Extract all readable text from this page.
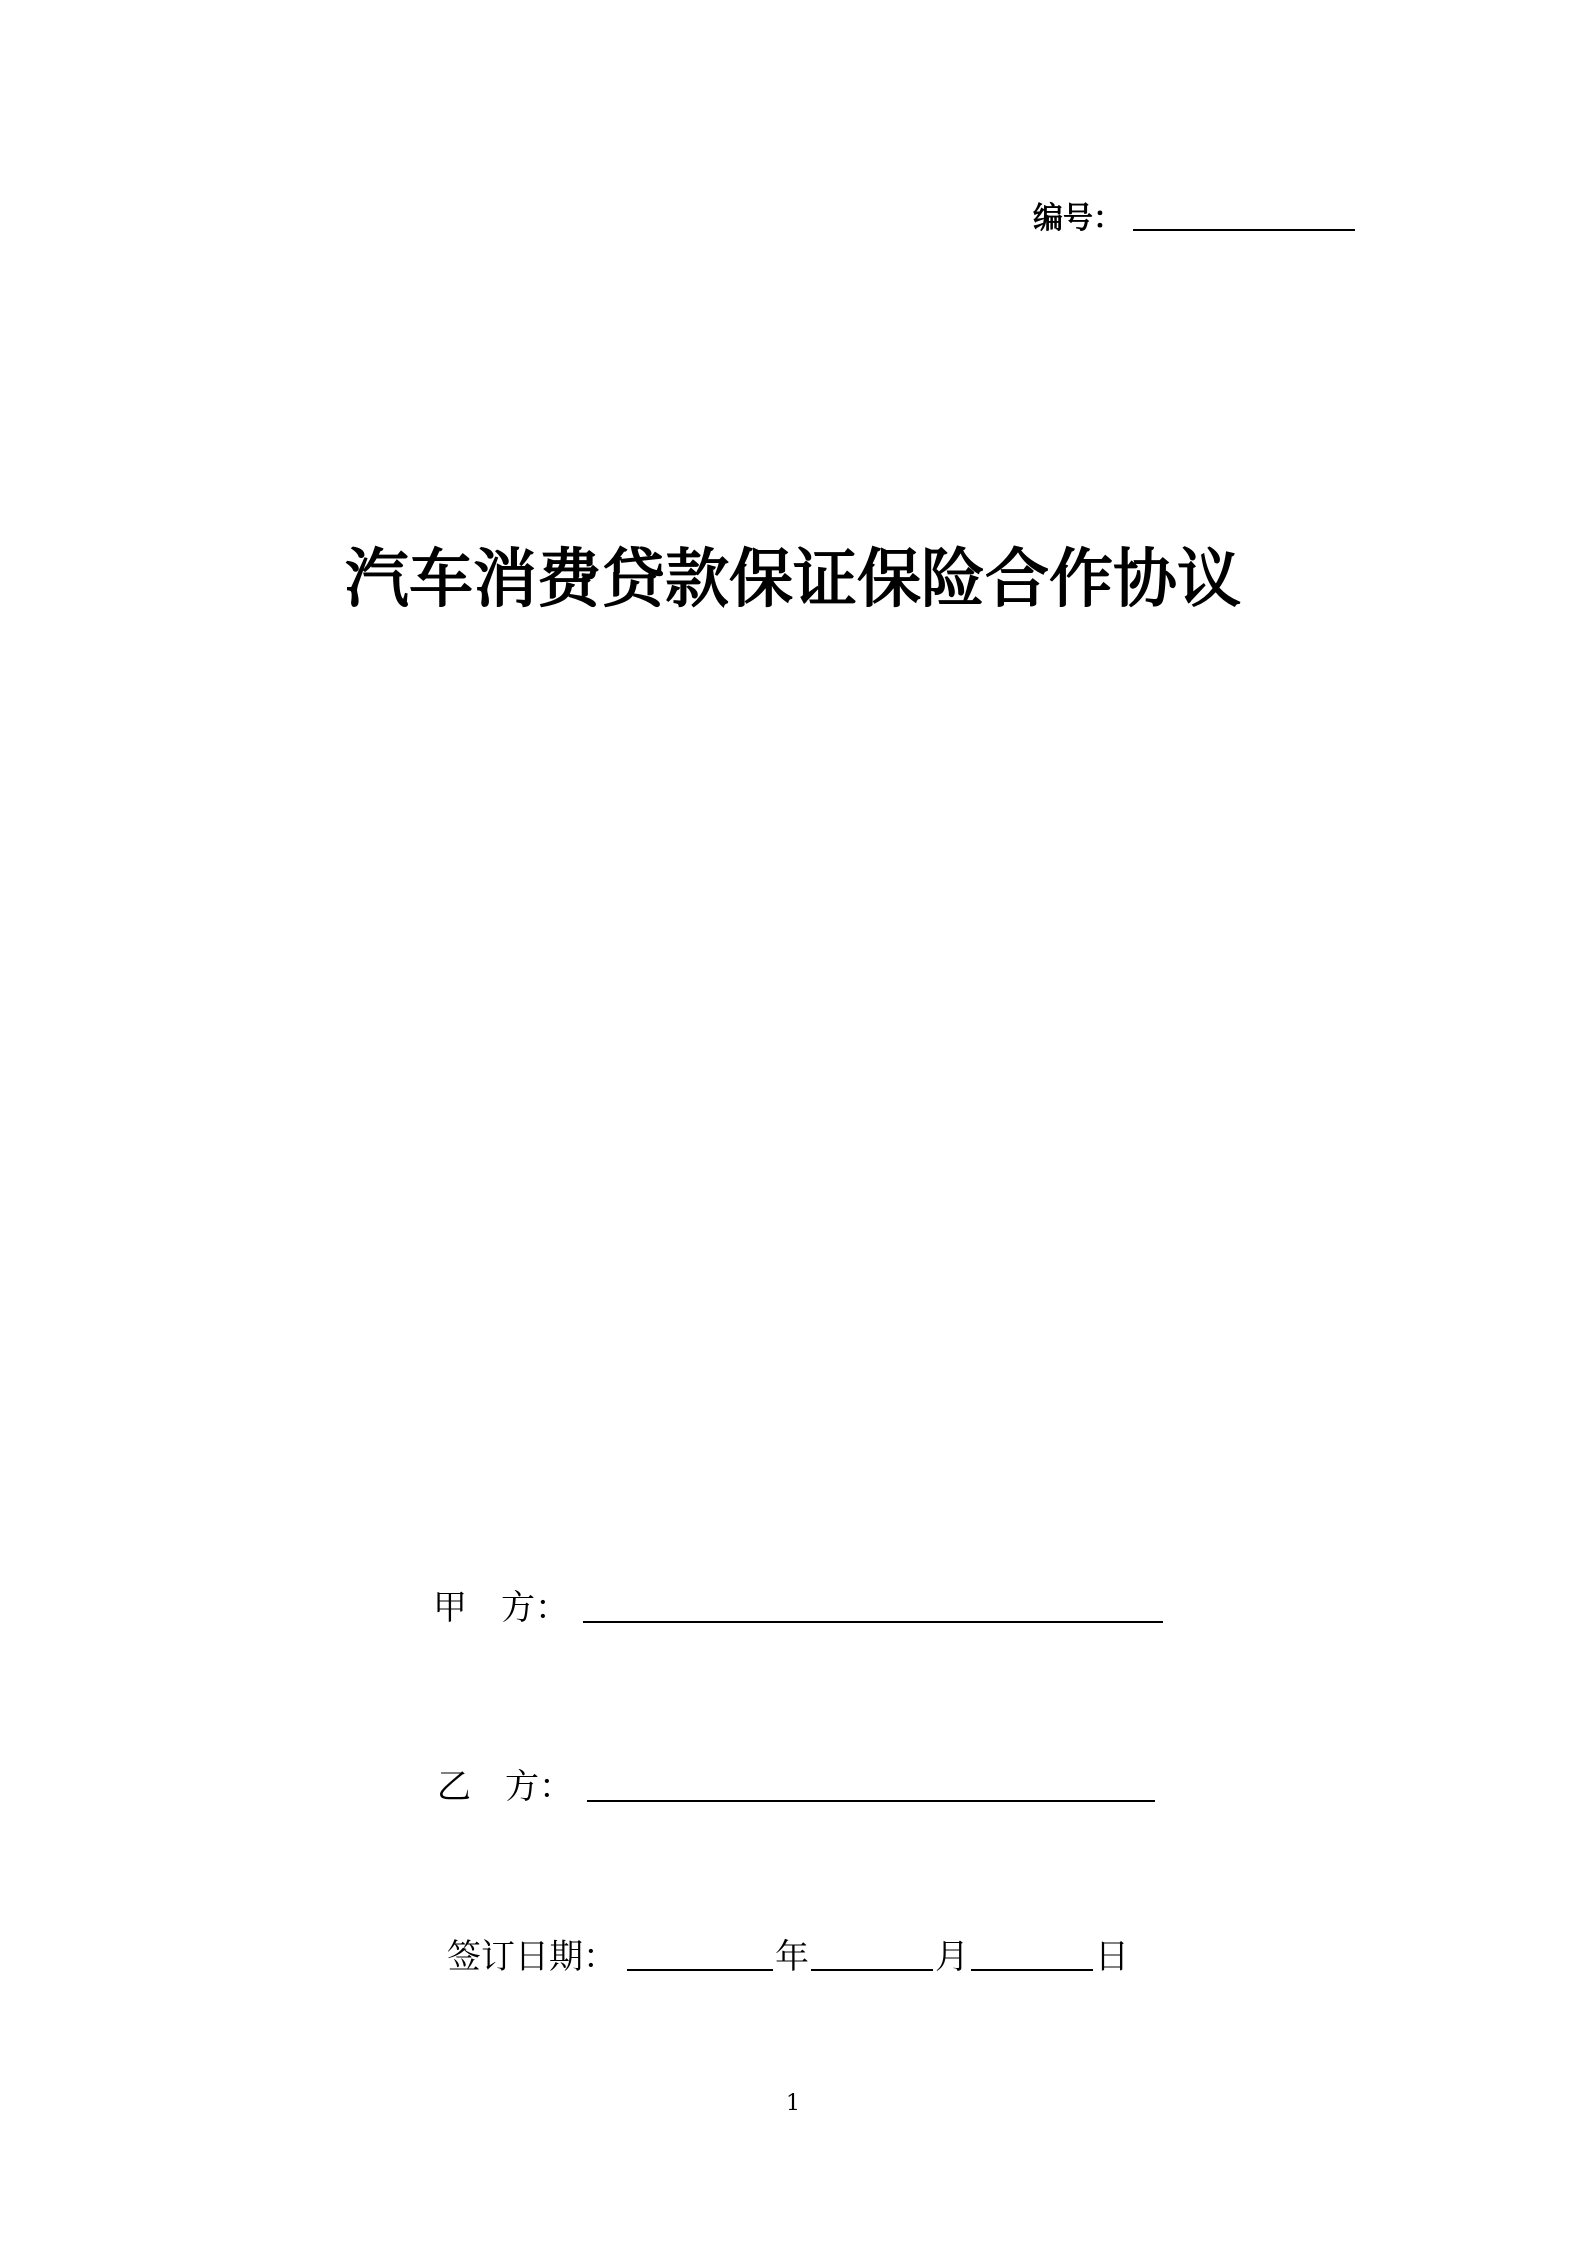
编号：
汽车消费贷款保证保险合作协议
甲　方：
乙　方：
签订日期：	年	月	日
1
